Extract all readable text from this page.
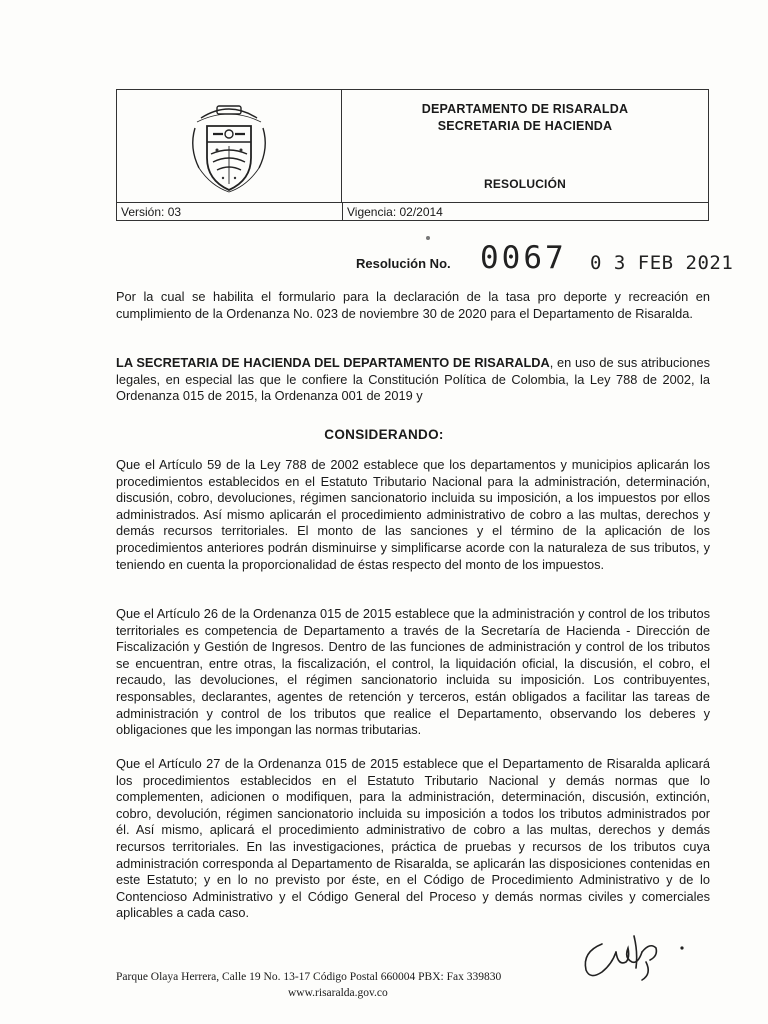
DEPARTAMENTO DE RISARALDA
SECRETARIA DE HACIENDA
RESOLUCIÓN
Versión: 03	Vigencia: 02/2014
Resolución No. 0067 0 3 FEB 2021

Por la cual se habilita el formulario para la declaración de la tasa pro deporte y recreación en cumplimiento de la Ordenanza No. 023 de noviembre 30 de 2020 para el Departamento de Risaralda.

LA SECRETARIA DE HACIENDA DEL DEPARTAMENTO DE RISARALDA, en uso de sus atribuciones legales, en especial las que le confiere la Constitución Política de Colombia, la Ley 788 de 2002, la Ordenanza 015 de 2015, la Ordenanza 001 de 2019 y

CONSIDERANDO:

Que el Artículo 59 de la Ley 788 de 2002 establece que los departamentos y municipios aplicarán los procedimientos establecidos en el Estatuto Tributario Nacional para la administración, determinación, discusión, cobro, devoluciones, régimen sancionatorio incluida su imposición, a los impuestos por ellos administrados. Así mismo aplicarán el procedimiento administrativo de cobro a las multas, derechos y demás recursos territoriales. El monto de las sanciones y el término de la aplicación de los procedimientos anteriores podrán disminuirse y simplificarse acorde con la naturaleza de sus tributos, y teniendo en cuenta la proporcionalidad de éstas respecto del monto de los impuestos.

Que el Artículo 26 de la Ordenanza 015 de 2015 establece que la administración y control de los tributos territoriales es competencia de Departamento a través de la Secretaría de Hacienda - Dirección de Fiscalización y Gestión de Ingresos. Dentro de las funciones de administración y control de los tributos se encuentran, entre otras, la fiscalización, el control, la liquidación oficial, la discusión, el cobro, el recaudo, las devoluciones, el régimen sancionatorio incluida su imposición. Los contribuyentes, responsables, declarantes, agentes de retención y terceros, están obligados a facilitar las tareas de administración y control de los tributos que realice el Departamento, observando los deberes y obligaciones que les impongan las normas tributarias.

Que el Artículo 27 de la Ordenanza 015 de 2015 establece que el Departamento de Risaralda aplicará los procedimientos establecidos en el Estatuto Tributario Nacional y demás normas que lo complementen, adicionen o modifiquen, para la administración, determinación, discusión, extinción, cobro, devolución, régimen sancionatorio incluida su imposición a todos los tributos administrados por él. Así mismo, aplicará el procedimiento administrativo de cobro a las multas, derechos y demás recursos territoriales. En las investigaciones, práctica de pruebas y recursos de los tributos cuya administración corresponda al Departamento de Risaralda, se aplicarán las disposiciones contenidas en este Estatuto; y en lo no previsto por éste, en el Código de Procedimiento Administrativo y de lo Contencioso Administrativo y el Código General del Proceso y demás normas civiles y comerciales aplicables a cada caso.

Parque Olaya Herrera, Calle 19 No. 13-17 Código Postal 660004 PBX: Fax 339830
www.risaralda.gov.co
